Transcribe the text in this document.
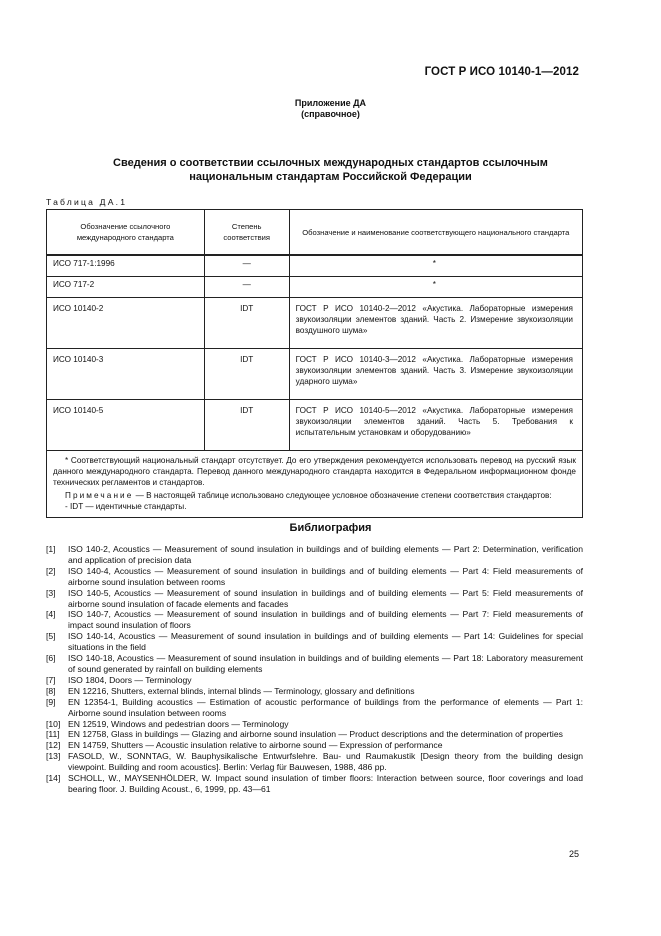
ГОСТ Р ИСО 10140-1—2012
Приложение ДА
(справочное)
Сведения о соответствии ссылочных международных стандартов ссылочным
национальным стандартам Российской Федерации
Таблица ДА.1
Обозначение ссылочного международного стандарта	Степень соответствия	Обозначение и наименование соответствующего национального стандарта
ИСО 717-1:1996	—	*
ИСО 717-2	—	*
ИСО 10140-2	IDT	ГОСТ Р ИСО 10140-2—2012 «Акустика. Лабораторные измерения звукоизоляции элементов зданий. Часть 2. Измерение звукоизоляции воздушного шума»
ИСО 10140-3	IDT	ГОСТ Р ИСО 10140-3—2012 «Акустика. Лабораторные измерения звукоизоляции элементов зданий. Часть 3. Измерение звукоизоляции ударного шума»
ИСО 10140-5	IDT	ГОСТ Р ИСО 10140-5—2012 «Акустика. Лабораторные измерения звукоизоляции элементов зданий. Часть 5. Требования к испытательным установкам и оборудованию»

* Соответствующий национальный стандарт отсутствует. До его утверждения рекомендуется использовать перевод на русский язык данного международного стандарта. Перевод данного международного стандарта находится в Федеральном информационном фонде технических регламентов и стандартов.

Примечание — В настоящей таблице использовано следующее условное обозначение степени соответствия стандартов:

- IDT — идентичные стандарты.		

Библиография
[1]	ISO 140-2, Acoustics — Measurement of sound insulation in buildings and of building elements — Part 2: Determination, verification and application of precision data
[2]	ISO 140-4, Acoustics — Measurement of sound insulation in buildings and of building elements — Part 4: Field measurements of airborne sound insulation between rooms
[3]	ISO 140-5, Acoustics — Measurement of sound insulation in buildings and of building elements — Part 5: Field measurements of airborne sound insulation of facade elements and facades
[4]	ISO 140-7, Acoustics — Measurement of sound insulation in buildings and of building elements — Part 7: Field measurements of impact sound insulation of floors
[5]	ISO 140-14, Acoustics — Measurement of sound insulation in buildings and of building elements — Part 14: Guidelines for special situations in the field
[6]	ISO 140-18, Acoustics — Measurement of sound insulation in buildings and of building elements — Part 18: Laboratory measurement of sound generated by rainfall on building elements
[7]	ISO 1804, Doors — Terminology
[8]	EN 12216, Shutters, external blinds, internal blinds — Terminology, glossary and definitions
[9]	EN 12354-1, Building acoustics — Estimation of acoustic performance of buildings from the performance of elements — Part 1: Airborne sound insulation between rooms
[10] EN 12519, Windows and pedestrian doors — Terminology
[11] EN 12758, Glass in buildings — Glazing and airborne sound insulation — Product descriptions and the determination of properties
[12] EN 14759, Shutters — Acoustic insulation relative to airborne sound — Expression of performance
[13] FASOLD, W., SONNTAG, W. Bauphysikalische Entwurfslehre. Bau- und Raumakustik [Design theory from the building design viewpoint. Building and room acoustics]. Berlin: Verlag für Bauwesen, 1988, 486 pp.
[14] SCHOLL, W., MAYSENHÖLDER, W. Impact sound insulation of timber floors: Interaction between source, floor coverings and load bearing floor. J. Building Acoust., 6, 1999, pp. 43—61
25
